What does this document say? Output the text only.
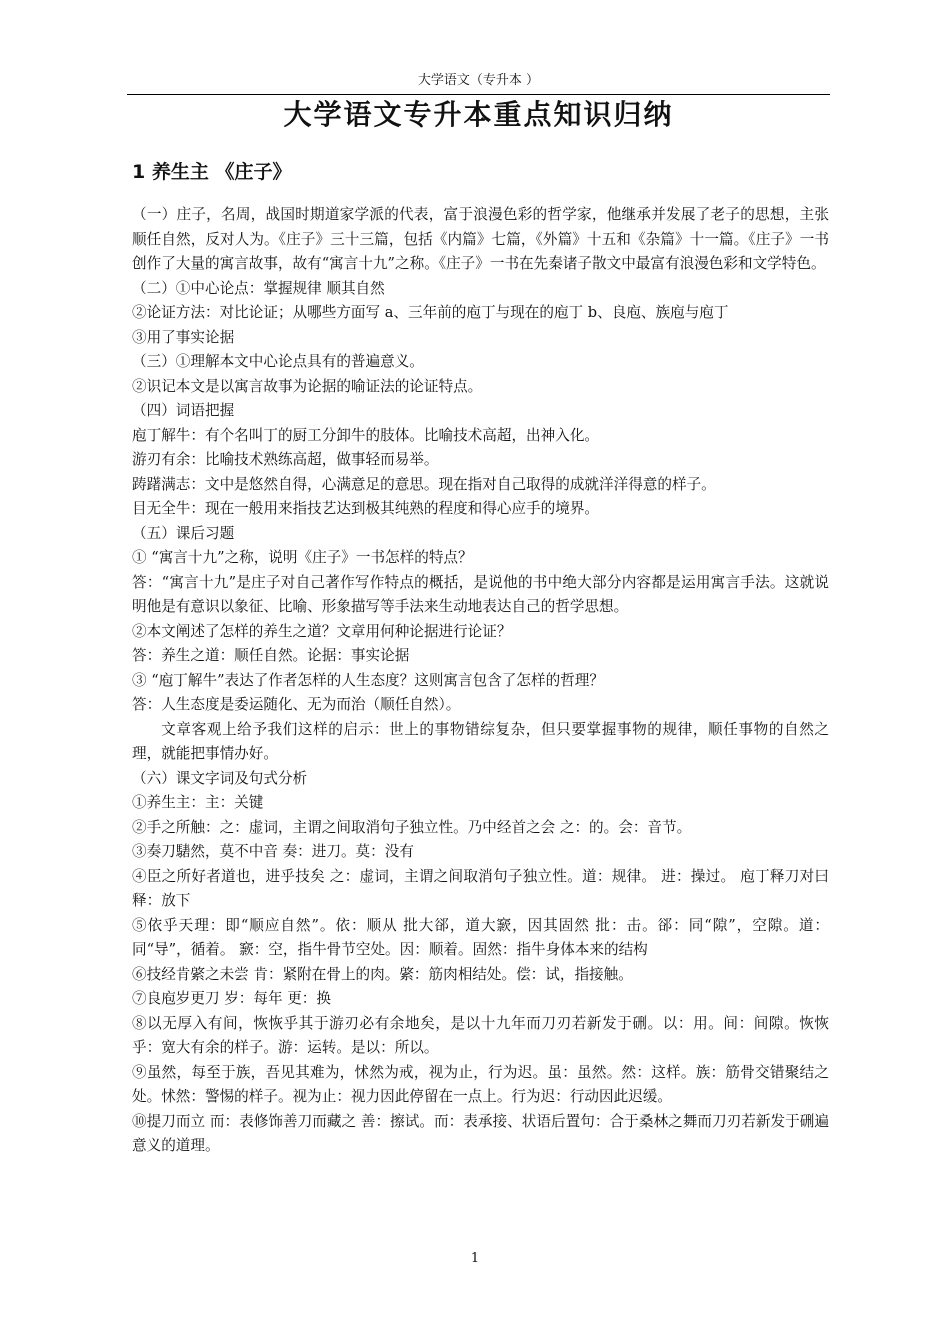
大学语文（专升本 ）
大学语文专升本重点知识归纳
1 养生主 《庄子》

（一）庄子，名周，战国时期道家学派的代表，富于浪漫色彩的哲学家，他继承并发展了老子的思想，主张顺任自然，反对人为。《庄子》三十三篇，包括《内篇》七篇，《外篇》十五和《杂篇》十一篇。《庄子》一书创作了大量的寓言故事，故有“寓言十九”之称。《庄子》一书在先秦诸子散文中最富有浪漫色彩和文学特色。

（二）①中心论点：掌握规律 顺其自然

②论证方法：对比论证；从哪些方面写 a、三年前的庖丁与现在的庖丁 b、良庖、族庖与庖丁

③用了事实论据

（三）①理解本文中心论点具有的普遍意义。

②识记本文是以寓言故事为论据的喻证法的论证特点。

（四）词语把握

庖丁解牛：有个名叫丁的厨工分卸牛的肢体。比喻技术高超，出神入化。

游刃有余：比喻技术熟练高超，做事轻而易举。

踌躇满志：文中是悠然自得，心满意足的意思。现在指对自己取得的成就洋洋得意的样子。

目无全牛：现在一般用来指技艺达到极其纯熟的程度和得心应手的境界。

（五）课后习题

① “寓言十九”之称，说明《庄子》一书怎样的特点？

答：“寓言十九”是庄子对自己著作写作特点的概括，是说他的书中绝大部分内容都是运用寓言手法。这就说明他是有意识以象征、比喻、形象描写等手法来生动地表达自己的哲学思想。

②本文阐述了怎样的养生之道？文章用何种论据进行论证？

答：养生之道：顺任自然。论据：事实论据

③ “庖丁解牛”表达了作者怎样的人生态度？这则寓言包含了怎样的哲理？

答：人生态度是委运随化、无为而治（顺任自然）。

文章客观上给予我们这样的启示：世上的事物错综复杂，但只要掌握事物的规律，顺任事物的自然之理，就能把事情办好。

（六）课文字词及句式分析

①养生主：主：关键

②手之所触：之：虚词，主谓之间取消句子独立性。乃中经首之会 之：的。会：音节。

③奏刀騞然，莫不中音 奏：进刀。莫：没有

④臣之所好者道也，进乎技矣 之：虚词，主谓之间取消句子独立性。道：规律。 进：操过。 庖丁释刀对曰 释：放下

⑤依乎天理：即“顺应自然”。依：顺从 批大郤，道大窾，因其固然 批：击。郤：同“隙”，空隙。道：同“导”，循着。 窾：空，指牛骨节空处。因：顺着。固然：指牛身体本来的结构

⑥技经肯綮之未尝 肯：紧附在骨上的肉。綮：筋肉相结处。偿：试，指接触。

⑦良庖岁更刀 岁：每年 更：换

⑧以无厚入有间，恢恢乎其于游刃必有余地矣，是以十九年而刀刃若新发于硎。以：用。间：间隙。恢恢乎：宽大有余的样子。游：运转。是以：所以。

⑨虽然，每至于族，吾见其难为，怵然为戒，视为止，行为迟。虽：虽然。然：这样。族：筋骨交错聚结之处。怵然：警惕的样子。视为止：视力因此停留在一点上。行为迟：行动因此迟缓。

⑩提刀而立 而：表修饰善刀而藏之 善：擦试。而：表承接、状语后置句：合于桑林之舞而刀刃若新发于硎遍意义的道理。

1
